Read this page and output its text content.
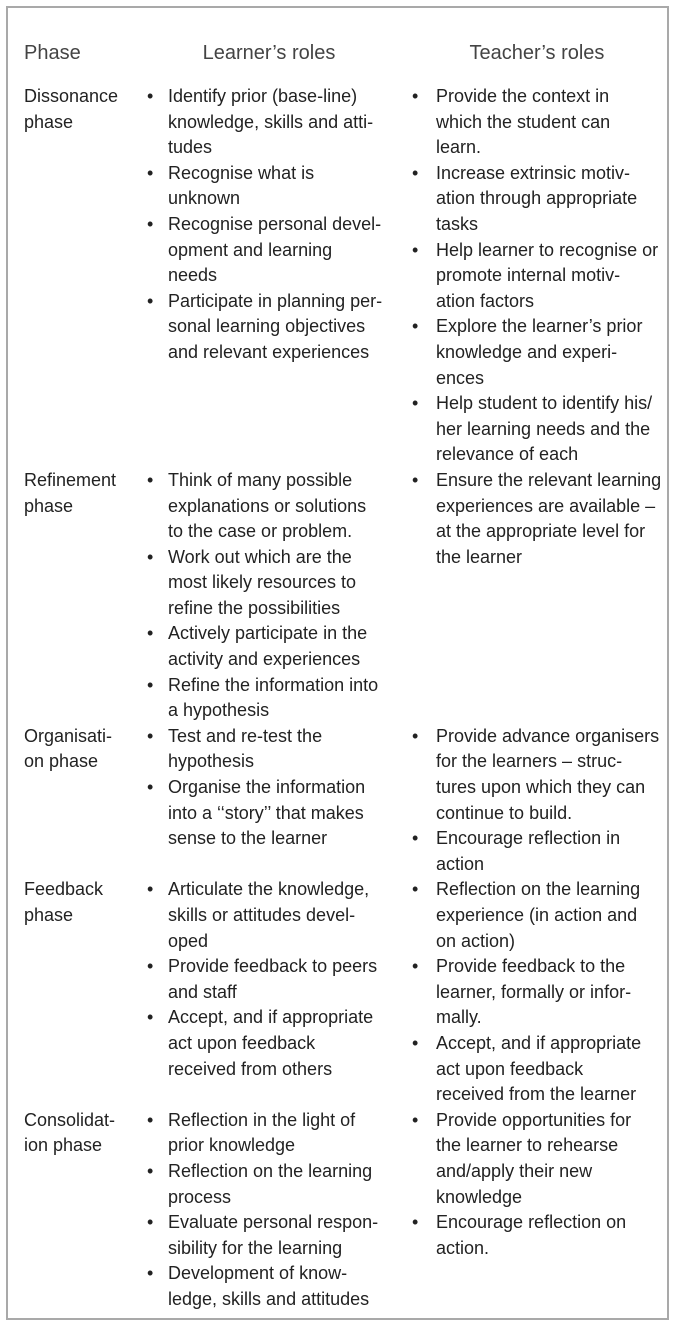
Phase	Learner’s roles	Teacher’s roles
Dissonance
phase
• Identify prior (base-line)
knowledge, skills and atti-
tudes
• Recognise what is
unknown
• Recognise personal devel-
opment and learning
needs
• Participate in planning per-
sonal learning objectives
and relevant experiences
• Provide the context in
which the student can
learn.
• Increase extrinsic motiv-
ation through appropriate
tasks
• Help learner to recognise or
promote internal motiv-
ation factors
• Explore the learner’s prior
knowledge and experi-
ences
• Help student to identify his/
her learning needs and the
relevance of each
Refinement
phase
• Think of many possible
explanations or solutions
to the case or problem.
• Work out which are the
most likely resources to
refine the possibilities
• Actively participate in the
activity and experiences
• Refine the information into
a hypothesis
• Ensure the relevant learning
experiences are available –
at the appropriate level for
the learner
Organisati-
on phase
• Test and re-test the
hypothesis
• Organise the information
into a ‘‘story’’ that makes
sense to the learner
• Provide advance organisers
for the learners – struc-
tures upon which they can
continue to build.
• Encourage reflection in
action
Feedback
phase
• Articulate the knowledge,
skills or attitudes devel-
oped
• Provide feedback to peers
and staff
• Accept, and if appropriate
act upon feedback
received from others
• Reflection on the learning
experience (in action and
on action)
• Provide feedback to the
learner, formally or infor-
mally.
• Accept, and if appropriate
act upon feedback
received from the learner
Consolidat-
ion phase
• Reflection in the light of
prior knowledge
• Reflection on the learning
process
• Evaluate personal respon-
sibility for the learning
• Development of know-
ledge, skills and attitudes
• Provide opportunities for
the learner to rehearse
and/apply their new
knowledge
• Encourage reflection on
action.
